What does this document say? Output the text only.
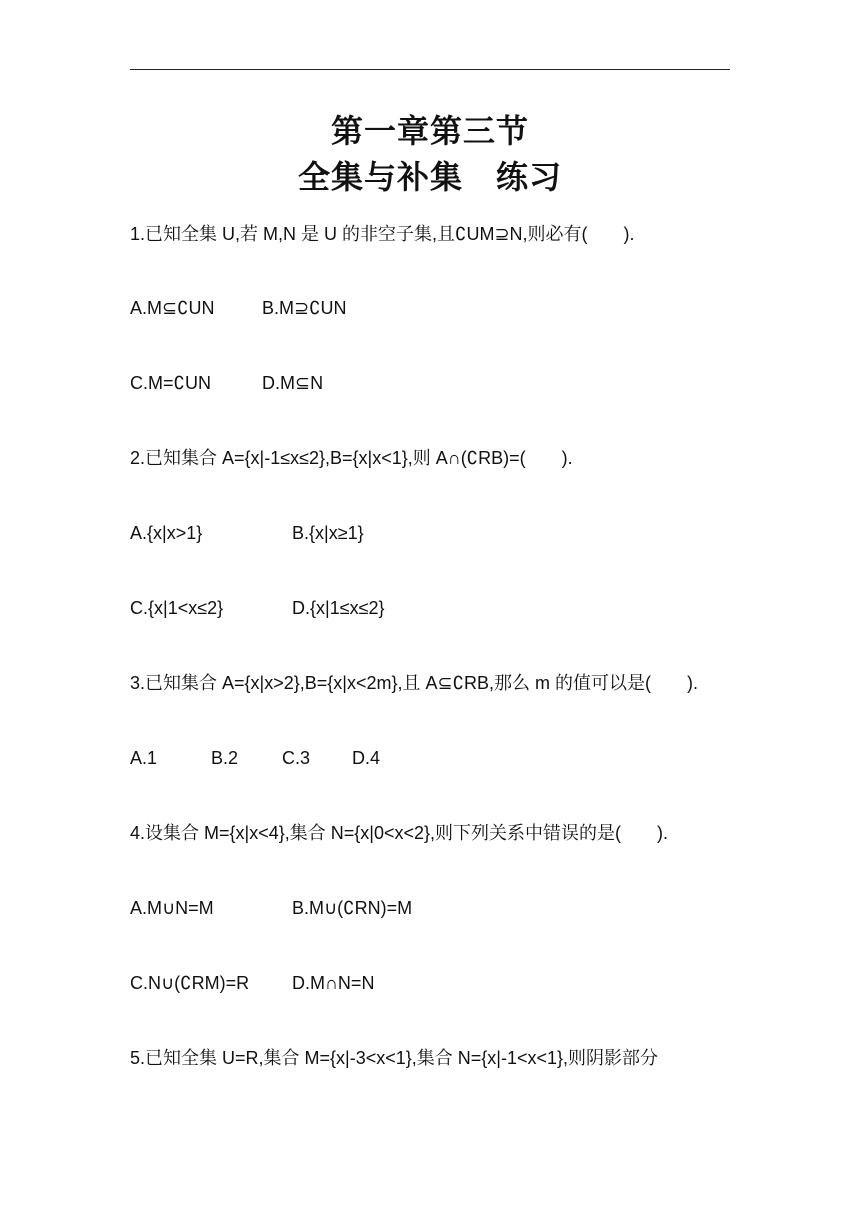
第一章第三节
全集与补集　练习
1.已知全集 U,若 M,N 是 U 的非空子集,且∁UM⊇N,则必有(　　).

A.M⊆∁UN

	B.M⊇∁UN

C.M=∁UN

	D.M⊆N

2.已知集合 A={x|-1≤x≤2},B={x|x<1},则 A∩(∁RB)=(　　).

A.{x|x>1}

	B.{x|x≥1}

C.{x|1<x≤2}

	D.{x|1≤x≤2}

3.已知集合 A={x|x>2},B={x|x<2m},且 A⊆∁RB,那么 m 的值可以是(　　).

A.1

	B.2

C.3

D.4

4.设集合 M={x|x<4},集合 N={x|0<x<2},则下列关系中错误的是(　　).

A.M∪N=M

	B.M∪(∁RN)=M

C.N∪(∁RM)=R

D.M∩N=N

5.已知全集 U=R,集合 M={x|-3<x<1},集合 N={x|-1<x<1},则阴影部分
